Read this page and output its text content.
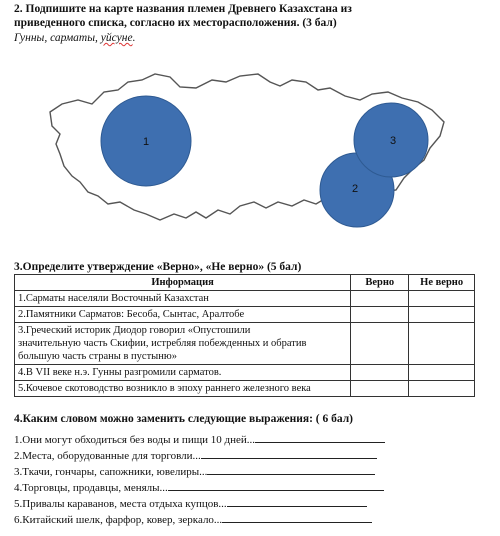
2. Подпишите на карте названия племен Древнего Казахстана из
приведенного списка, согласно их месторасположения. (3 бал)
Гунны, сарматы, уйсуне.
1
2
3
3.Определите утверждение «Верно», «Не верно» (5 бал)
Информация	Верно	Не верно
1.Сарматы населяли Восточный Казахстан		
2.Памятники Сарматов: Бесоба, Сынтас, Аралтобе		

3.Греческий историк Диодор говорил «Опустошили
значительную часть Скифии, истребляя побежденных и обратив
большую часть страны в пустыню»		

4.В VII веке н.э. Гунны разгромили сарматов.		
5.Кочевое скотоводство возникло в эпоху раннего железного века		
4.Каким словом можно заменить следующие выражения: ( 6 бал)
1.Они могут обходиться без воды и пищи 10 дней...
2.Места, оборудованные для торговли...
3.Ткачи, гончары, сапожники, ювелиры...
4.Торговцы, продавцы, менялы...
5.Привалы караванов, места отдыха купцов...
6.Китайский шелк, фарфор, ковер, зеркало...
